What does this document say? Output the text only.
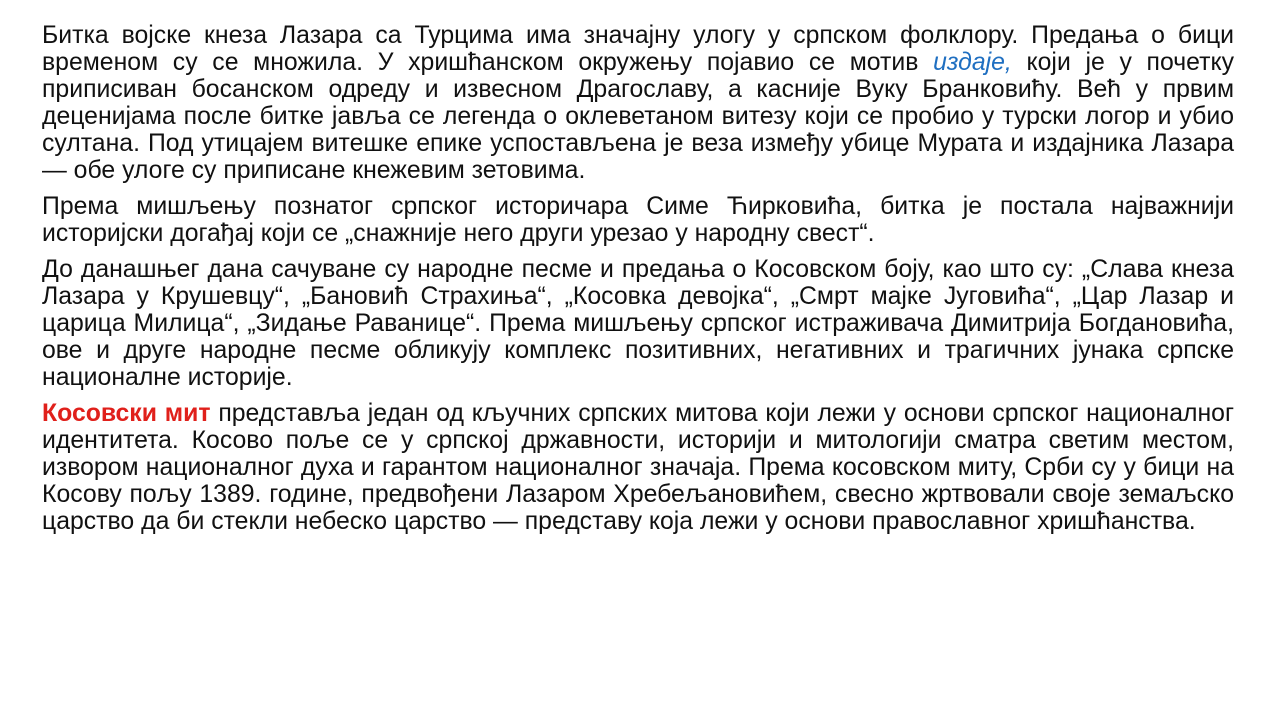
Битка војске кнеза Лазара са Турцима има значајну улогу у српском фолклору. Предања о бици временом су се множила. У хришћанском окружењу појавио се мотив издаје, који је у почетку приписиван босанском одреду и извесном Драгославу, а касније Вуку Бранковићу. Већ у првим деценијама после битке јавља се легенда о оклеветаном витезу који се пробио у турски логор и убио султана. Под утицајем витешке епике успостављена је веза између убице Мурата и издајника Лазара — обе улоге су приписане кнежевим зетовима.

Према мишљењу познатог српског историчара Симе Ћирковића, битка је постала најважнији историјски догађај који се „снажније него други урезао у народну свест“.

До данашњег дана сачуване су народне песме и предања о Косовском боју, као што су: „Слава кнеза Лазара у Крушевцу“, „Бановић Страхиња“, „Косовка девојка“, „Смрт мајке Југовића“, „Цар Лазар и царица Милица“, „Зидање Раванице“. Према мишљењу српског истраживача Димитрија Богдановића, ове и друге народне песме обликују комплекс позитивних, негативних и трагичних јунака српске националне историје.

Косовски мит представља један од кључних српских митова који лежи у основи српског националног идентитета. Косово поље се у српској државности, историји и митологији сматра светим местом, извором националног духа и гарантом националног значаја. Према косовском миту, Срби су у бици на Косову пољу 1389. године, предвођени Лазаром Хребељановићем, свесно жртвовали своје земаљско царство да би стекли небеско царство — представу која лежи у основи православног хришћанства.
